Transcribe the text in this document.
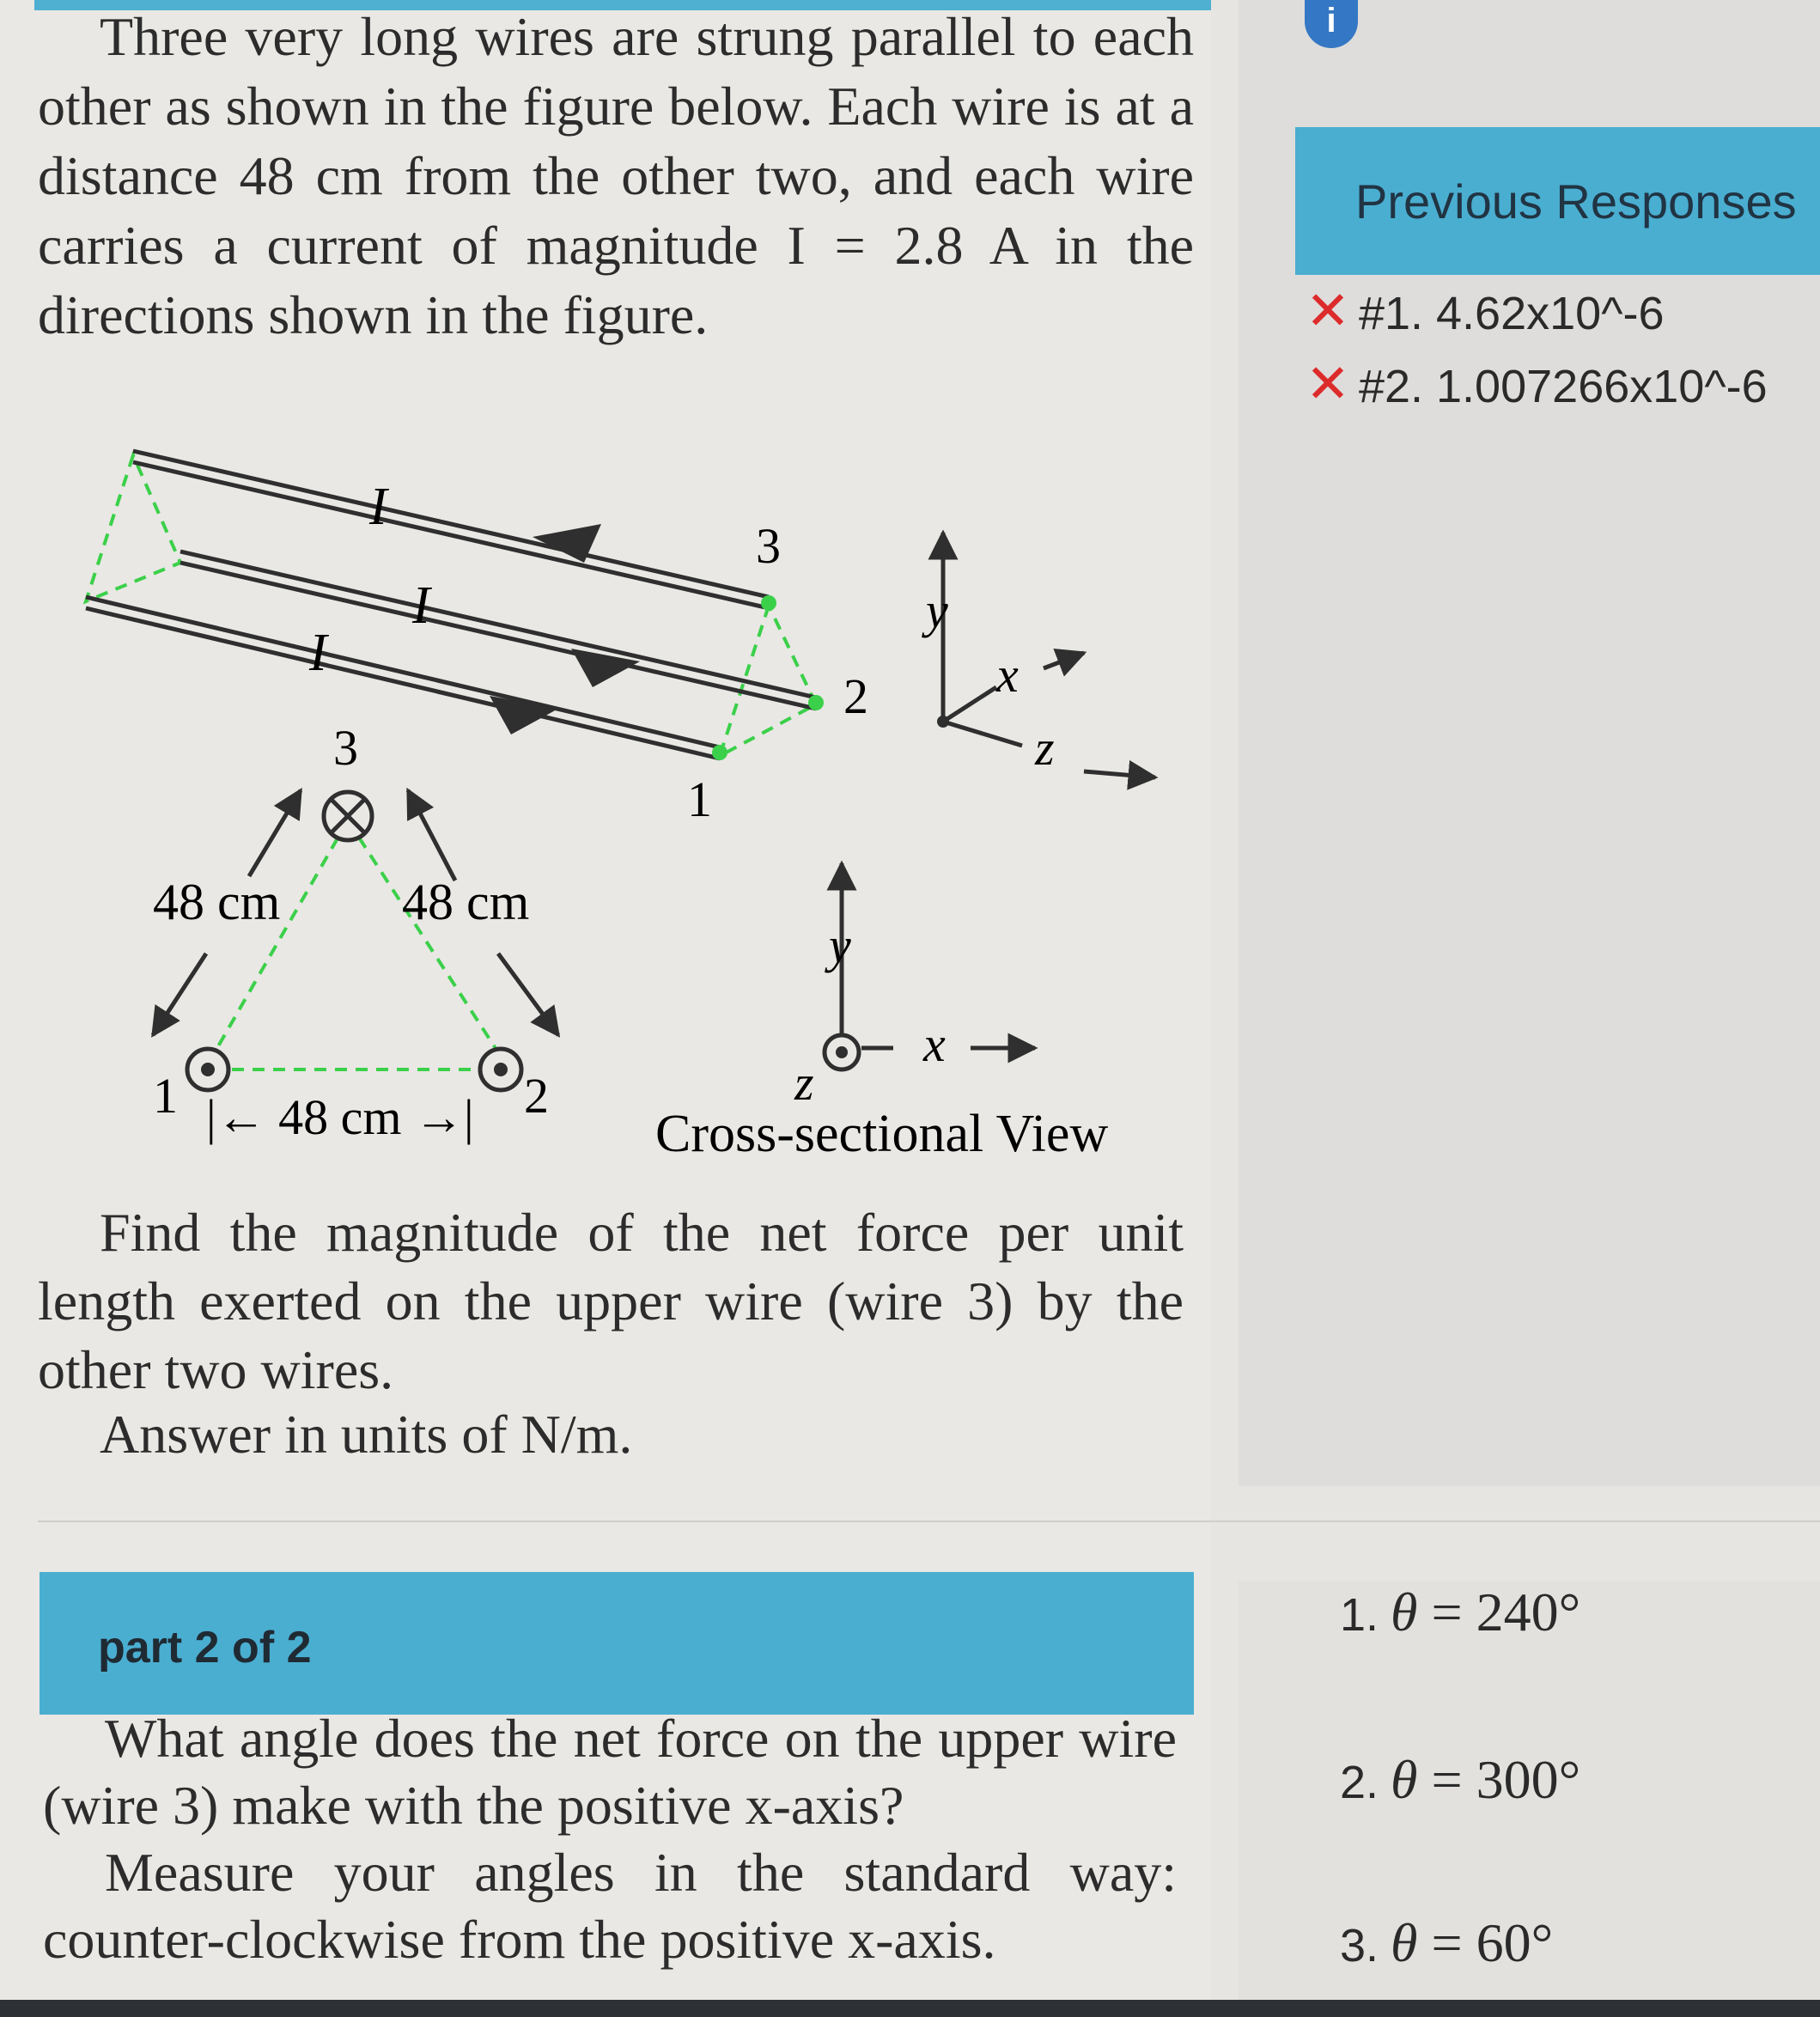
Three very long wires are strung parallel to each other as shown in the figure below. Each wire is at a distance 48 cm from the other two, and each wire carries a current of magnitude I = 2.8 A in the directions shown in the figure.

I
I
I
3
2
1
y
x
z
3
1	2
48 cm 48 cm
|← 48 cm →|
y
x
z
Cross-sectional View

Find the magnitude of the net force per unit length exerted on the upper wire (wire 3) by the other two wires.

Answer in units of N/m.
part 2 of 2

What angle does the net force on the upper wire (wire 3) make with the positive x-axis?
Measure your angles in the standard way: counter-clockwise from the positive x-axis.

i
Previous Responses
✕ #1. 4.62x10^-6
✕ #2. 1.007266x10^-6
1. θ = 240°
2. θ = 300°
3. θ = 60°
